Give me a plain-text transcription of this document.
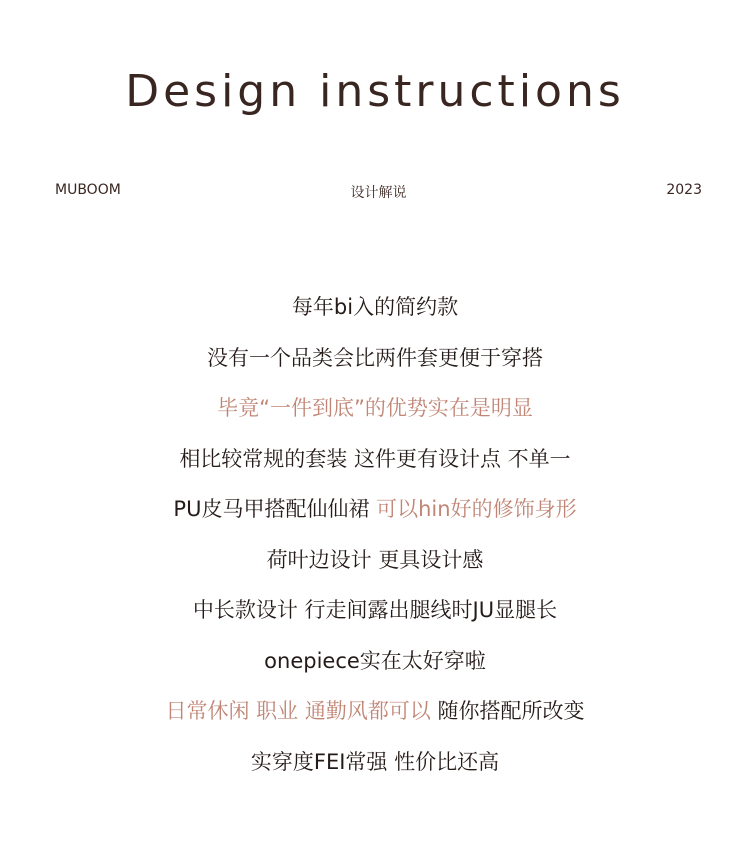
Design instructions
MUBOOM	设计解说	2023
每年bi入的简约款
没有一个品类会比两件套更便于穿搭
毕竟“一件到底”的优势实在是明显
相比较常规的套装 这件更有设计点 不单一
PU皮马甲搭配仙仙裙 可以hin好的修饰身形
荷叶边设计 更具设计感
中长款设计 行走间露出腿线时JU显腿长
onepiece实在太好穿啦
日常休闲 职业 通勤风都可以 随你搭配所改变
实穿度FEI常强 性价比还高
